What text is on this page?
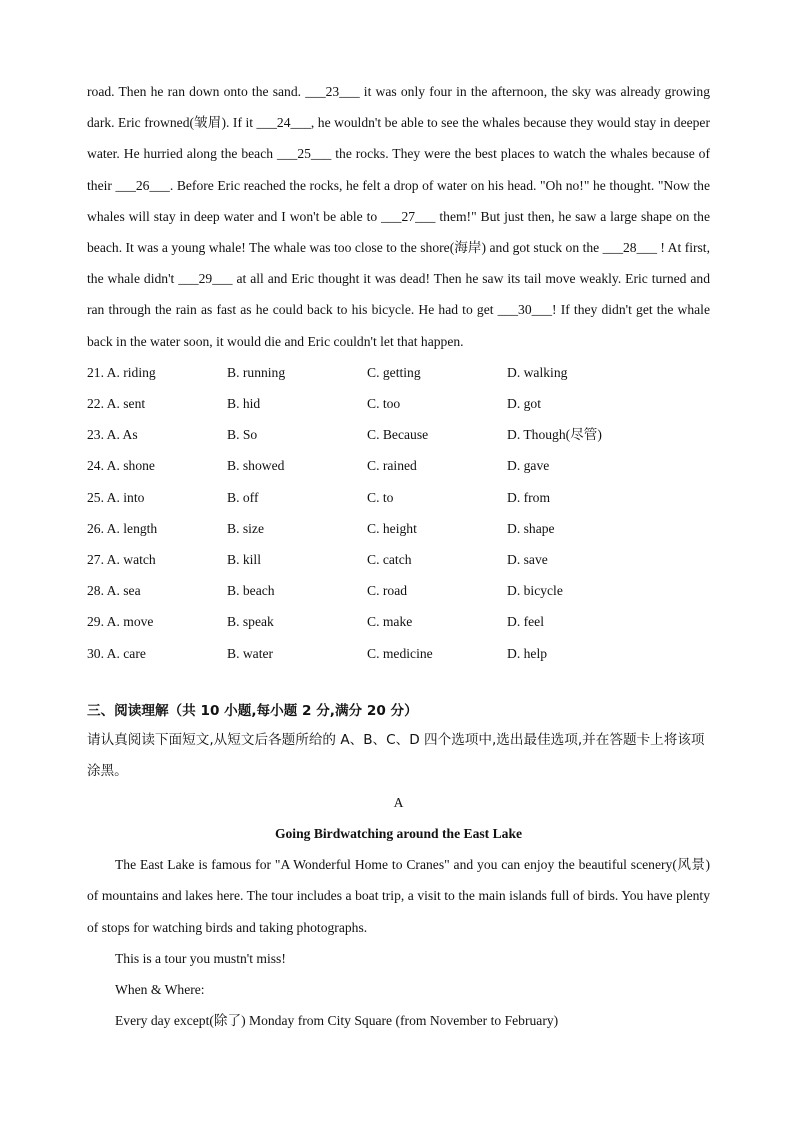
road. Then he ran down onto the sand. ___23___ it was only four in the afternoon, the sky was already growing dark. Eric frowned(皱眉). If it ___24___, he wouldn't be able to see the whales because they would stay in deeper water. He hurried along the beach ___25___ the rocks. They were the best places to watch the whales because of their ___26___. Before Eric reached the rocks, he felt a drop of water on his head. "Oh no!" he thought. "Now the whales will stay in deep water and I won't be able to ___27___ them!" But just then, he saw a large shape on the beach. It was a young whale! The whale was too close to the shore(海岸) and got stuck on the ___28___ ! At first, the whale didn't ___29___ at all and Eric thought it was dead! Then he saw its tail move weakly. Eric turned and ran through the rain as fast as he could back to his bicycle. He had to get ___30___! If they didn't get the whale back in the water soon, it would die and Eric couldn't let that happen.

21. A. riding	B. running	C. getting	D. walking
22. A. sent	B. hid	C. too	D. got
23. A. As	B. So	C. Because	D. Though(尽管)
24. A. shone	B. showed	C. rained	D. gave
25. A. into	B. off	C. to	D. from
26. A. length	B. size	C. height	D. shape
27. A. watch	B. kill	C. catch	D. save
28. A. sea	B. beach	C. road	D. bicycle
29. A. move	B. speak	C. make	D. feel
30. A. care	B. water	C. medicine	D. help
三、阅读理解（共 10 小题,每小题 2 分,满分 20 分）

请认真阅读下面短文,从短文后各题所给的 A、B、C、D 四个选项中,选出最佳选项,并在答题卡上将该项涂黑。

A
Going Birdwatching around the East Lake

The East Lake is famous for "A Wonderful Home to Cranes" and you can enjoy the beautiful scenery(风景) of mountains and lakes here. The tour includes a boat trip, a visit to the main islands full of birds. You have plenty of stops for watching birds and taking photographs.

This is a tour you mustn't miss!

When & Where:

Every day except(除了) Monday from City Square (from November to February)
